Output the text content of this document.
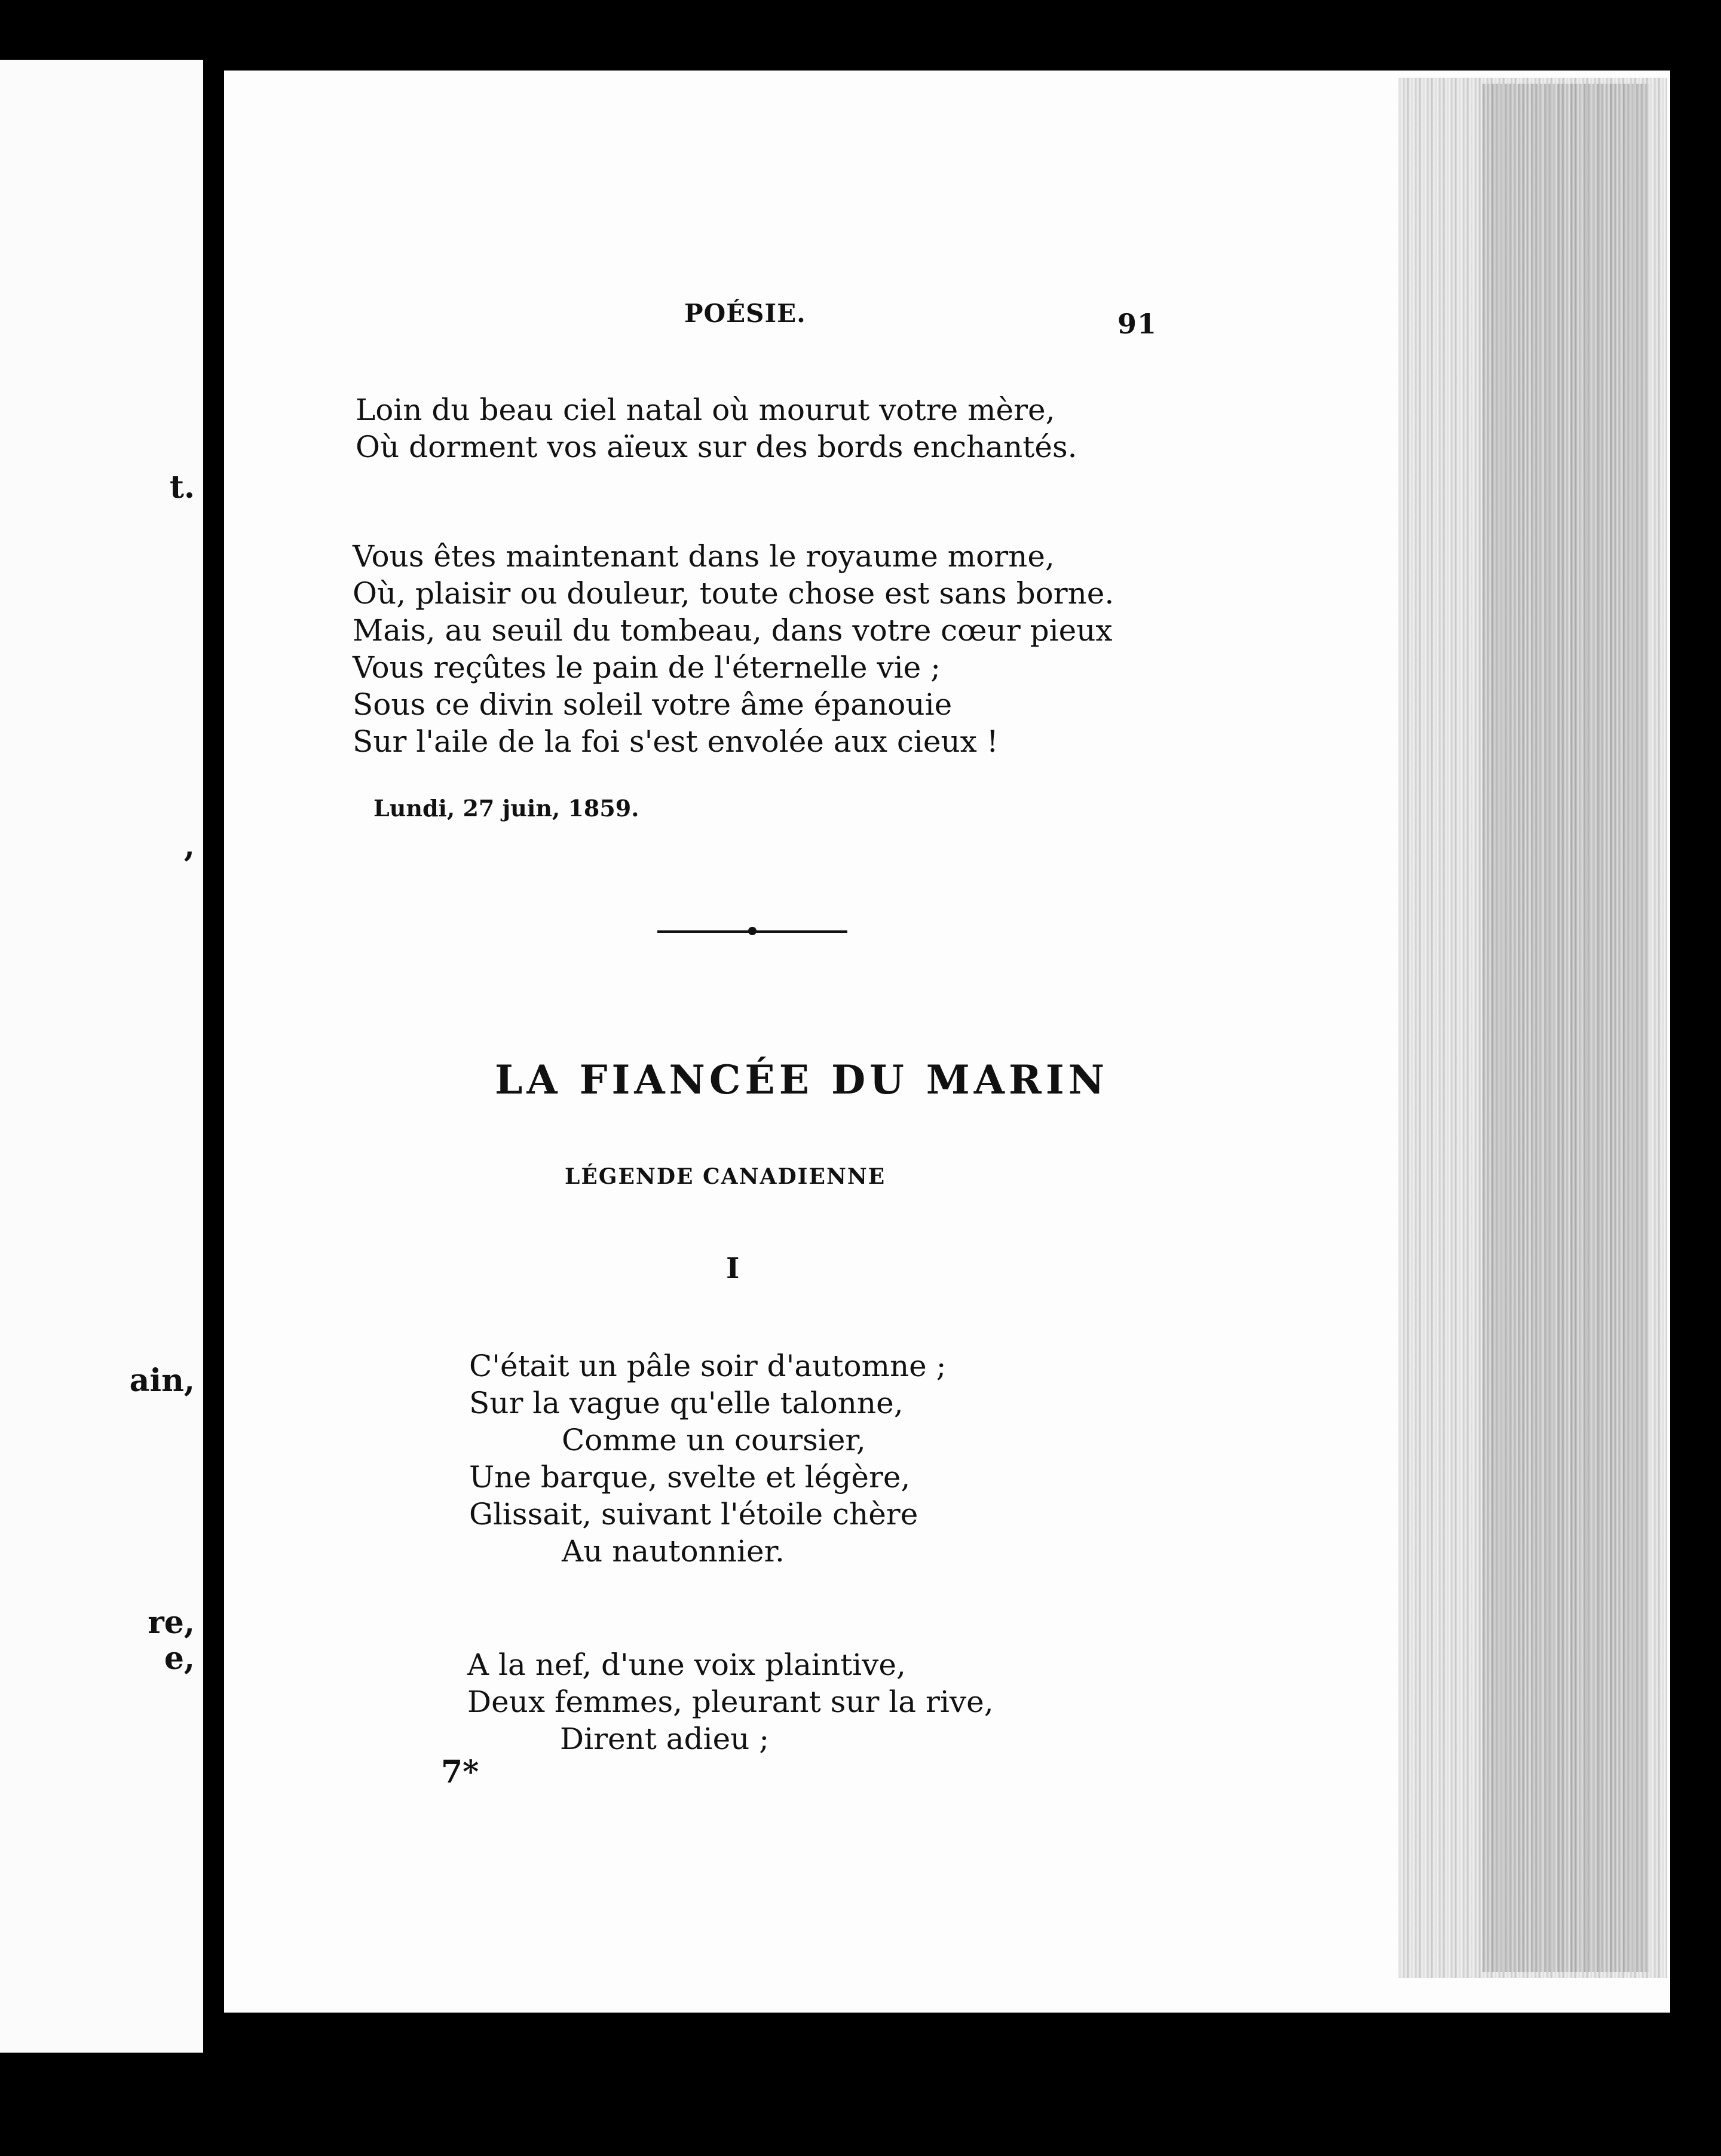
t.
,
ain,
re,
e,
POÉSIE.	91
Loin du beau ciel natal où mourut votre mère,
Où dorment vos aïeux sur des bords enchantés.
Vous êtes maintenant dans le royaume morne,
Où, plaisir ou douleur, toute chose est sans borne.
Mais, au seuil du tombeau, dans votre cœur pieux
Vous reçûtes le pain de l'éternelle vie ;
Sous ce divin soleil votre âme épanouie
Sur l'aile de la foi s'est envolée aux cieux !
Lundi, 27 juin, 1859.
LA FIANCÉE DU MARIN
LÉGENDE CANADIENNE
I
C'était un pâle soir d'automne ;
Sur la vague qu'elle talonne,
Comme un coursier,
Une barque, svelte et légère,
Glissait, suivant l'étoile chère
Au nautonnier.
A la nef, d'une voix plaintive,
Deux femmes, pleurant sur la rive,
Dirent adieu ;
7*
